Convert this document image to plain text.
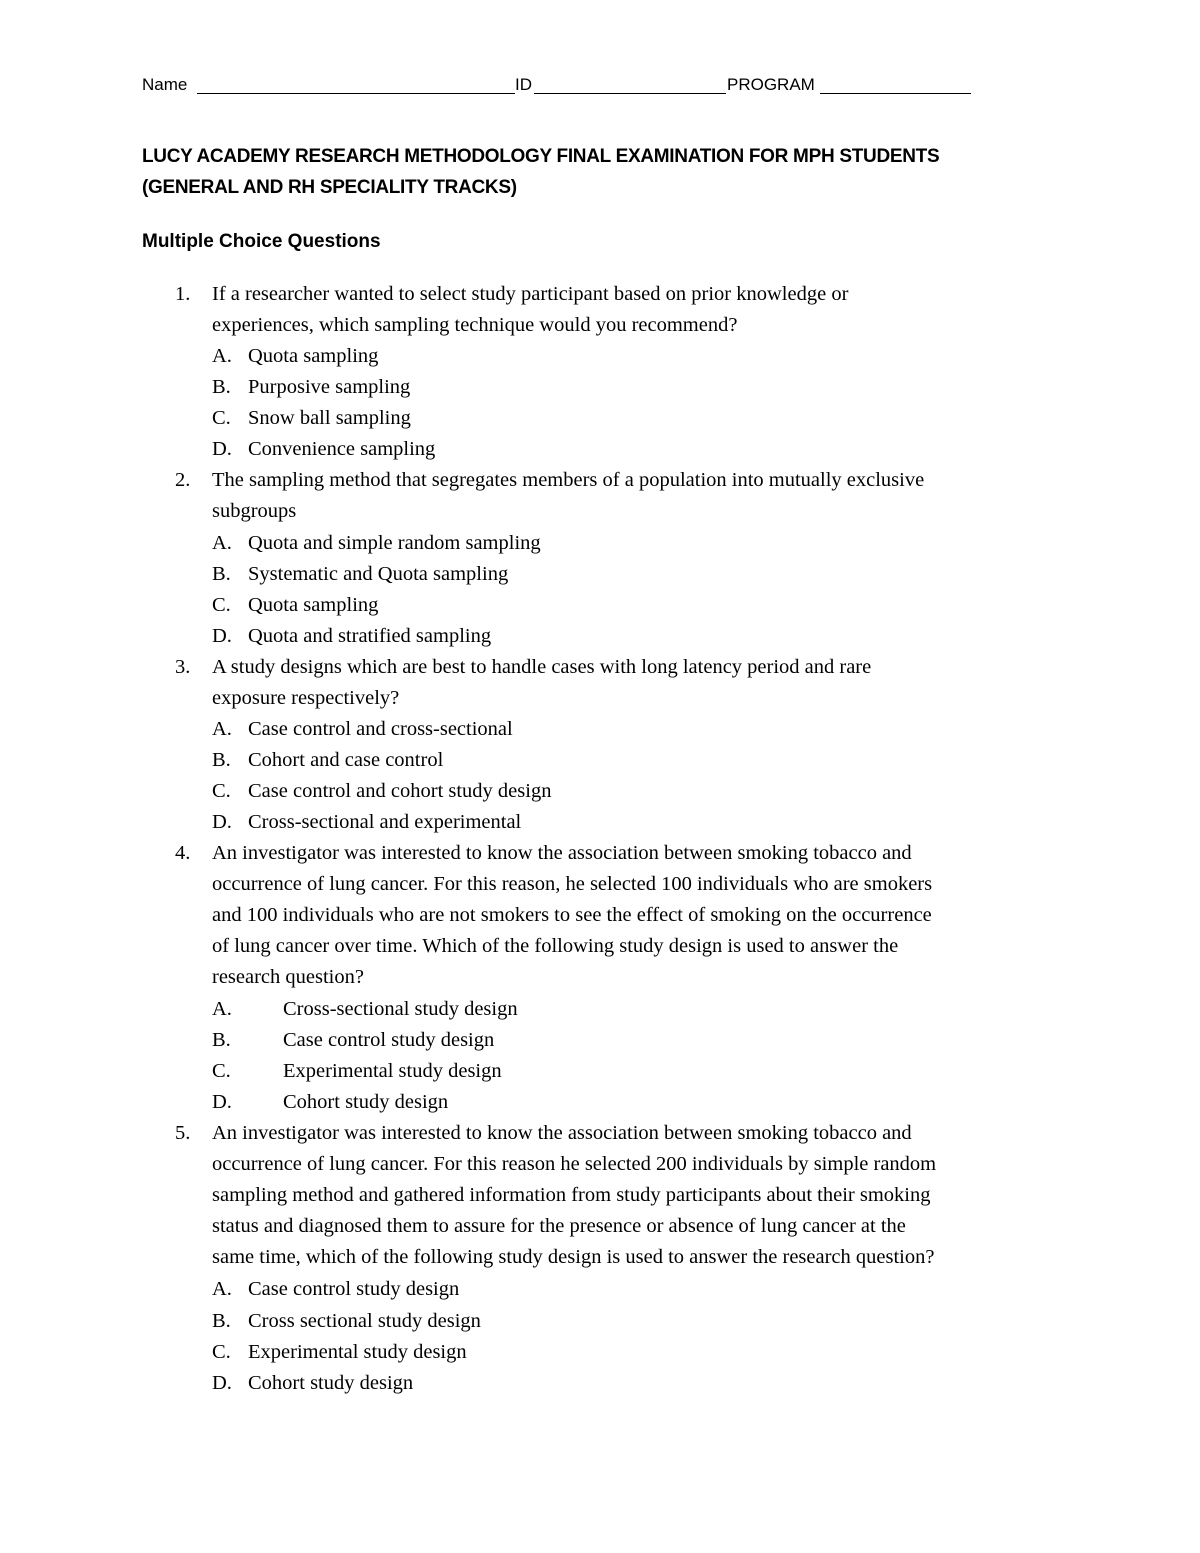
Name	ID	PROGRAM
LUCY ACADEMY RESEARCH METHODOLOGY FINAL EXAMINATION FOR MPH STUDENTS
(GENERAL AND RH SPECIALITY TRACKS)
Multiple Choice Questions
1. If a researcher wanted to select study participant based on prior knowledge or
experiences, which sampling technique would you recommend?
A. Quota sampling
B. Purposive sampling
C. Snow ball sampling
D. Convenience sampling
2. The sampling method that segregates members of a population into mutually exclusive
subgroups
A. Quota and simple random sampling
B. Systematic and Quota sampling
C. Quota sampling
D. Quota and stratified sampling
3. A study designs which are best to handle cases with long latency period and rare
exposure respectively?
A. Case control and cross-sectional
B. Cohort and case control
C. Case control and cohort study design
D. Cross-sectional and experimental
4. An investigator was interested to know the association between smoking tobacco and
occurrence of lung cancer. For this reason, he selected 100 individuals who are smokers
and 100 individuals who are not smokers to see the effect of smoking on the occurrence
of lung cancer over time. Which of the following study design is used to answer the
research question?
A. Cross-sectional study design
B.	Case control study design
C.	Experimental study design
D. Cohort study design
5. An investigator was interested to know the association between smoking tobacco and
occurrence of lung cancer. For this reason he selected 200 individuals by simple random
sampling method and gathered information from study participants about their smoking
status and diagnosed them to assure for the presence or absence of lung cancer at the
same time, which of the following study design is used to answer the research question?
A. Case control study design
B. Cross sectional study design
C. Experimental study design
D. Cohort study design
